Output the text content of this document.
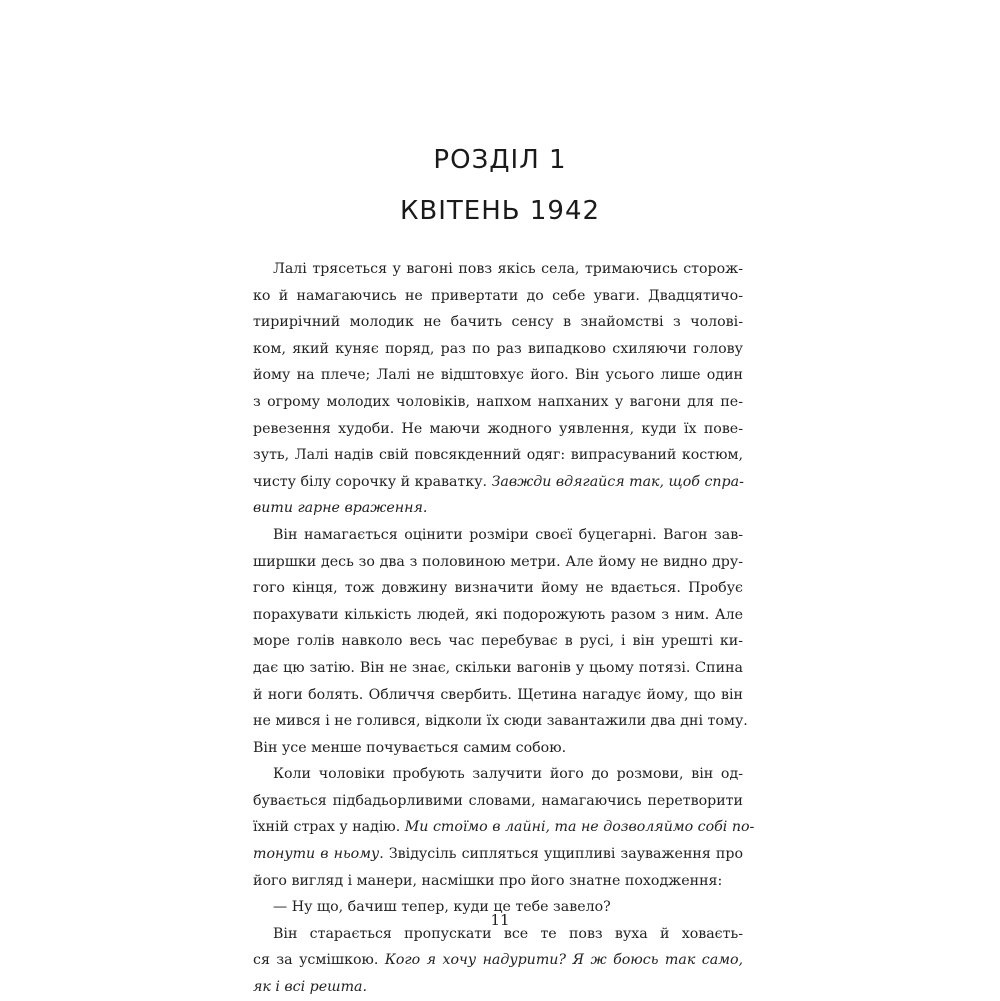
РОЗДІЛ 1
КВІТЕНЬ 1942
Лалі трясеться у вагоні повз якісь села, тримаючись сторож-
ко й намагаючись не привертати до себе уваги. Двадцятичо-
тирирічний молодик не бачить сенсу в знайомстві з чолові-
ком, який куняє поряд, раз по раз випадково схиляючи голову
йому на плече; Лалі не відштовхує його. Він усього лише один
з огрому молодих чоловіків, напхом напханих у вагони для пе-
ревезення худоби. Не маючи жодного уявлення, куди їх пове-
зуть, Лалі надів свій повсякденний одяг: випрасуваний костюм,
чисту білу сорочку й краватку. Завжди вдягайся так, щоб спра-
вити гарне враження.
Він намагається оцінити розміри своєї буцегарні. Вагон зав-
ширшки десь зо два з половиною метри. Але йому не видно дру-
гого кінця, тож довжину визначити йому не вдається. Пробує
порахувати кількість людей, які подорожують разом з ним. Але
море голів навколо весь час перебуває в русі, і він урешті ки-
дає цю затію. Він не знає, скільки вагонів у цьому потязі. Спина
й ноги болять. Обличчя свербить. Щетина нагадує йому, що він
не мився і не голився, відколи їх сюди завантажили два дні тому.
Він усе менше почувається самим собою.
Коли чоловіки пробують залучити його до розмови, він од-
бувається підбадьорливими словами, намагаючись перетворити
їхній страх у надію. Ми стоїмо в лайні, та не дозволяймо собі по-
тонути в ньому. Звідусіль сипляться ущипливі зауваження про
його вигляд і манери, насмішки про його знатне походження:
— Ну що, бачиш тепер, куди це тебе завело?
Він старається пропускати все те повз вуха й ховаєть-
ся за усмішкою. Кого я хочу надурити? Я ж боюсь так само,
як і всі решта.
11
